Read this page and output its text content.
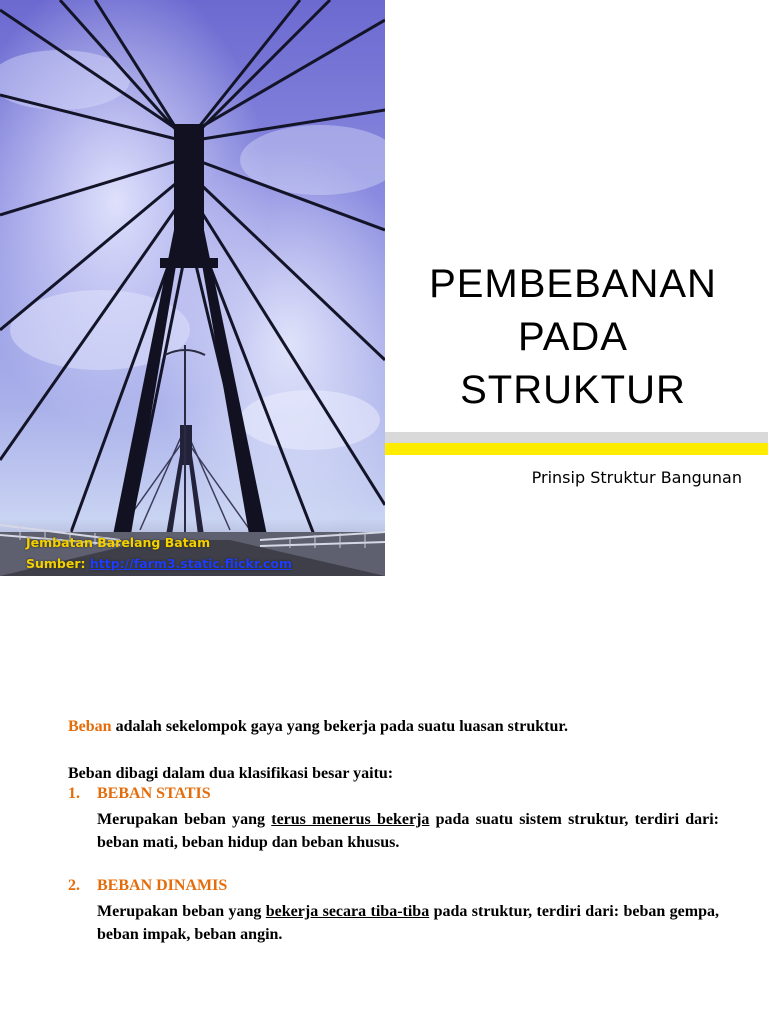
Jembatan Barelang Batam
Sumber: http://farm3.static.flickr.com
PEMBEBANAN
PADA
STRUKTUR
Prinsip Struktur Bangunan
Beban adalah sekelompok gaya yang bekerja pada suatu luasan struktur.
Beban dibagi dalam dua klasifikasi besar yaitu:
1. BEBAN STATIS
Merupakan beban yang terus menerus bekerja pada suatu sistem struktur, terdiri dari: beban mati, beban hidup dan beban khusus.
2. BEBAN DINAMIS
Merupakan beban yang bekerja secara tiba-tiba pada struktur, terdiri dari: beban gempa, beban impak, beban angin.
